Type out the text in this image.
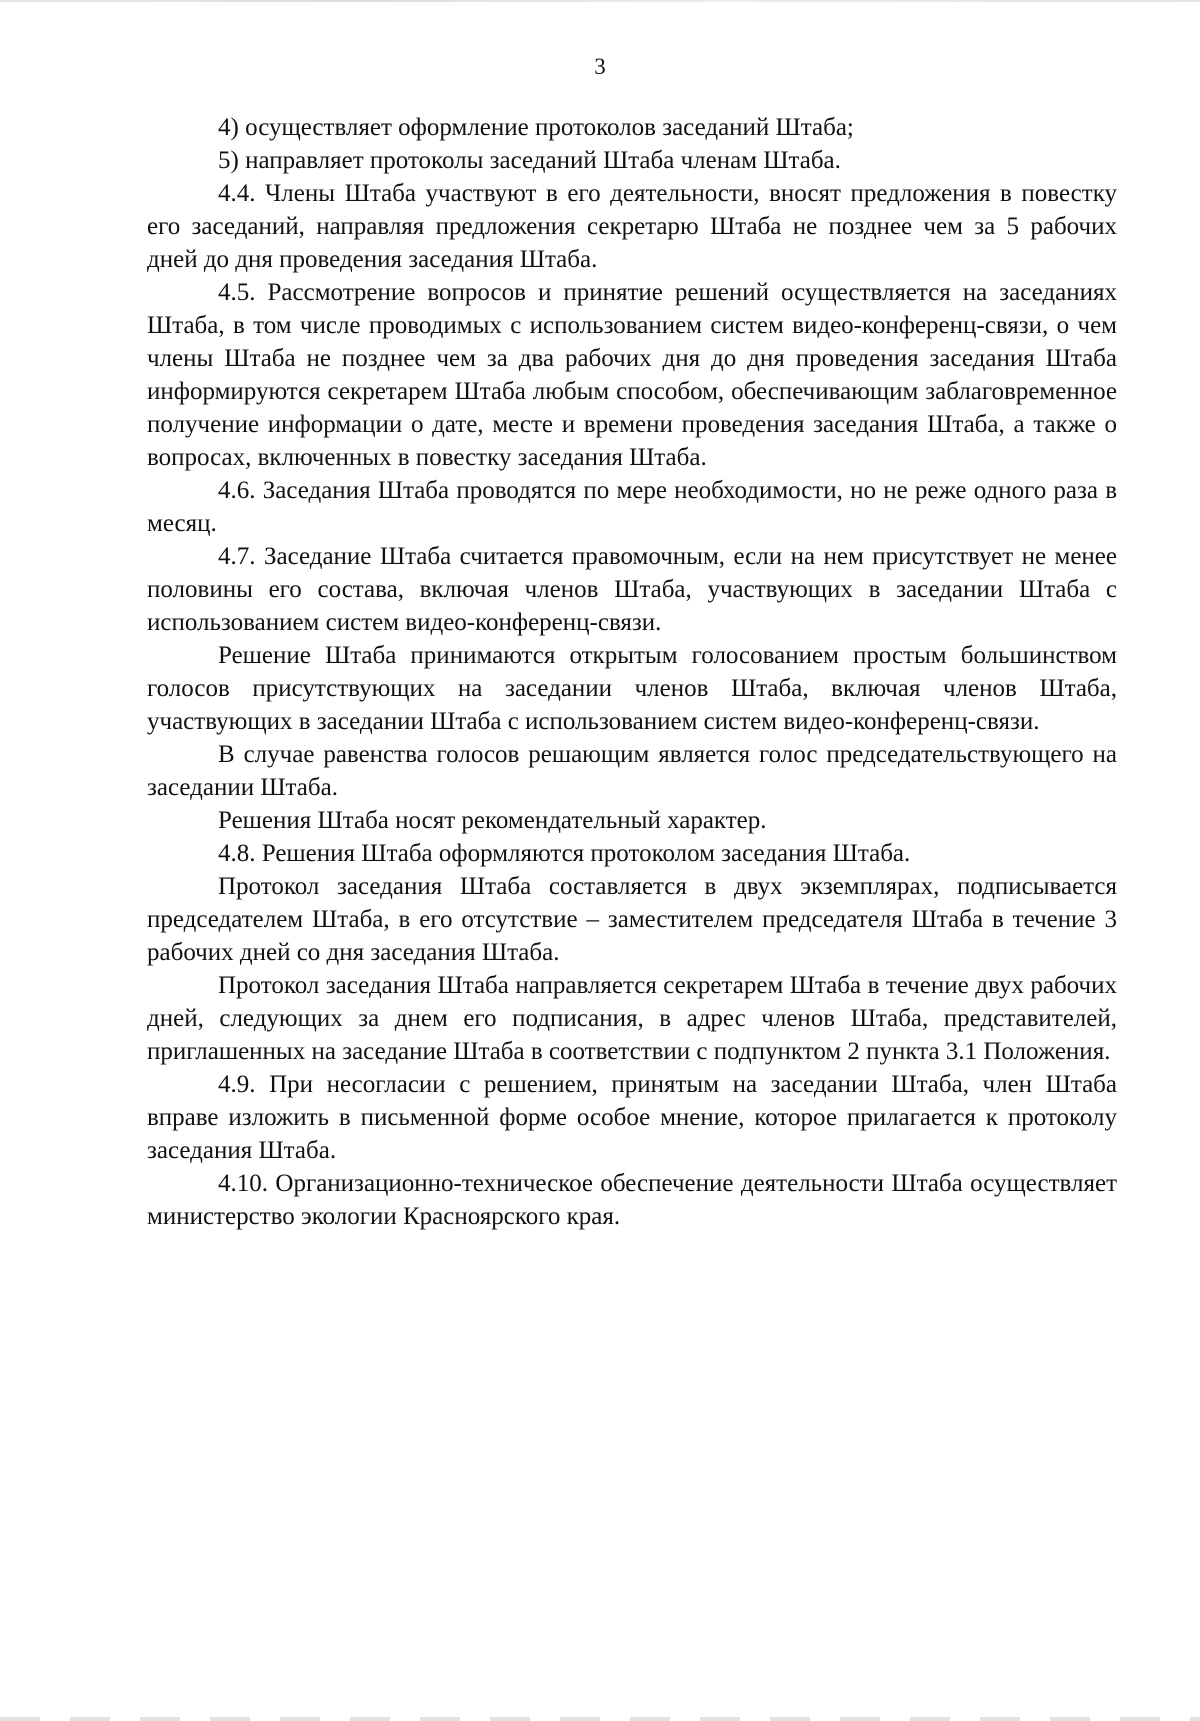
3

4) осуществляет оформление протоколов заседаний Штаба;

5) направляет протоколы заседаний Штаба членам Штаба.

4.4. Члены Штаба участвуют в его деятельности, вносят предложения в повестку его заседаний, направляя предложения секретарю Штаба не позднее чем за 5 рабочих дней до дня проведения заседания Штаба.

4.5. Рассмотрение вопросов и принятие решений осуществляется на заседаниях Штаба, в том числе проводимых с использованием систем видео-конференц-связи, о чем члены Штаба не позднее чем за два рабочих дня до дня проведения заседания Штаба информируются секретарем Штаба любым способом, обеспечивающим заблаговременное получение информации о дате, месте и времени проведения заседания Штаба, а также о вопросах, включенных в повестку заседания Штаба.

4.6. Заседания Штаба проводятся по мере необходимости, но не реже одного раза в месяц.

4.7. Заседание Штаба считается правомочным, если на нем присутствует не менее половины его состава, включая членов Штаба, участвующих в заседании Штаба с использованием систем видео-конференц-связи.

Решение Штаба принимаются открытым голосованием простым большинством голосов присутствующих на заседании членов Штаба, включая членов Штаба, участвующих в заседании Штаба с использованием систем видео-конференц-связи.

В случае равенства голосов решающим является голос председательствующего на заседании Штаба.

Решения Штаба носят рекомендательный характер.

4.8. Решения Штаба оформляются протоколом заседания Штаба.

Протокол заседания Штаба составляется в двух экземплярах, подписывается председателем Штаба, в его отсутствие – заместителем председателя Штаба в течение 3 рабочих дней со дня заседания Штаба.

Протокол заседания Штаба направляется секретарем Штаба в течение двух рабочих дней, следующих за днем его подписания, в адрес членов Штаба, представителей, приглашенных на заседание Штаба в соответствии с подпунктом 2 пункта 3.1 Положения.

4.9. При несогласии с решением, принятым на заседании Штаба, член Штаба вправе изложить в письменной форме особое мнение, которое прилагается к протоколу заседания Штаба.

4.10. Организационно-техническое обеспечение деятельности Штаба осуществляет министерство экологии Красноярского края.
